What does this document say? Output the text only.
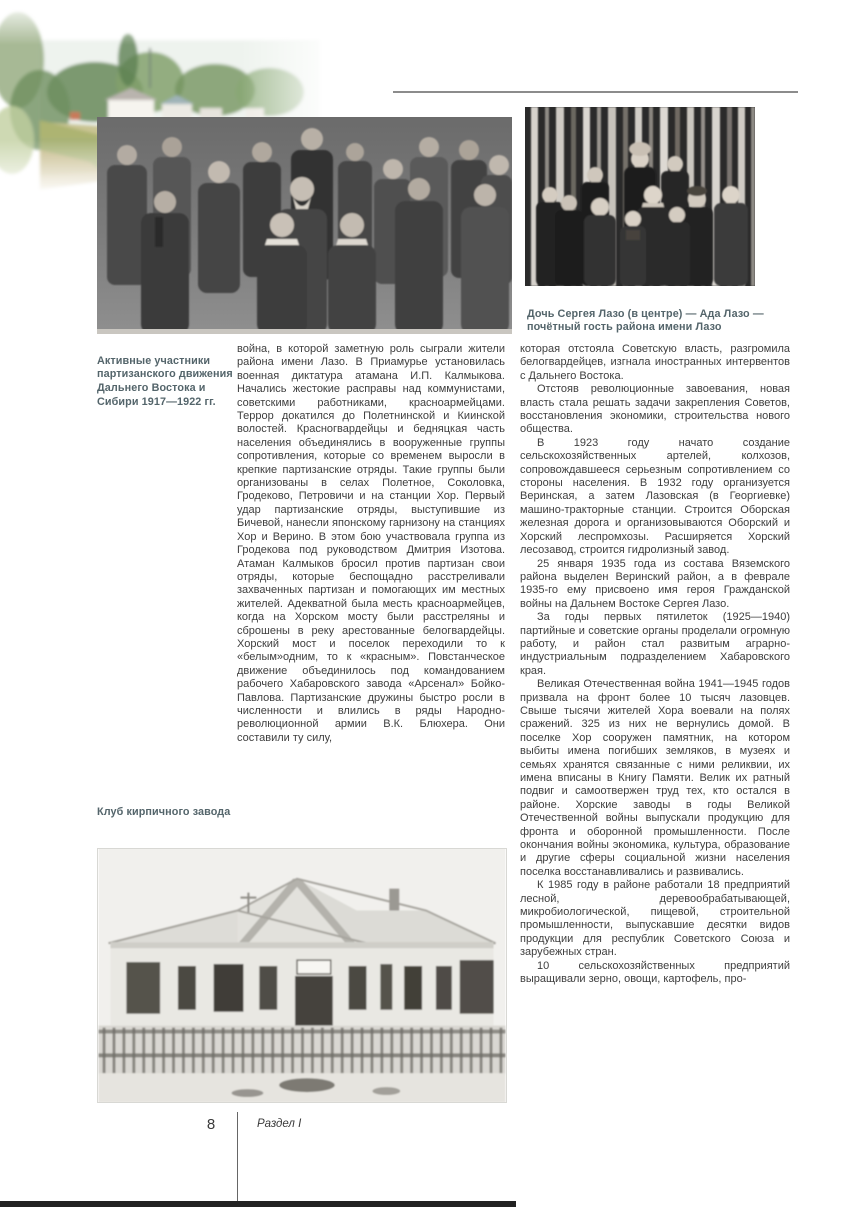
Дочь Сергея Лазо (в центре) — Ада Лазо — почётный гость района имени Лазо

Активные участники партизанского движения Дальнего Востока и Сибири 1917—1922 гг.

Клуб кирпичного завода

война, в которой заметную роль сыграли жители района имени Лазо. В Приамурье установилась военная диктатура атамана И.П. Калмыкова. Начались жестокие расправы над коммунистами, советскими работниками, красноармейцами. Террор докатился до Полетнинской и Киинской волостей. Красногвардейцы и бедняцкая часть населения объединялись в вооруженные группы сопротивления, которые со временем выросли в крепкие партизанские отряды. Такие группы были организованы в селах Полетное, Соколовка, Гродеково, Петровичи и на станции Хор. Первый удар партизанские отряды, выступившие из Бичевой, нанесли японскому гарнизону на станциях Хор и Верино. В этом бою участвовала группа из Гродекова под руководством Дмитрия Изотова. Атаман Калмыков бросил против партизан свои отряды, которые беспощадно расстреливали захваченных партизан и помогающих им местных жителей. Адекватной была месть красноармейцев, когда на Хорском мосту были расстреляны и сброшены в реку арестованные белогвардейцы. Хорский мост и поселок переходили то к «белым»одним, то к «красным». Повстанческое движение объединилось под командованием рабочего Хабаровского завода «Арсенал» Бойко-Павлова. Партизанские дружины быстро росли в численности и влились в ряды Народно-революционной армии В.К. Блюхера. Они составили ту силу,

которая отстояла Советскую власть, разгромила белогвардейцев, изгнала иностранных интервентов с Дальнего Востока.

Отстояв революционные завоевания, новая власть стала решать задачи закрепления Советов, восстановления экономики, строительства нового общества.

В 1923 году начато создание сельскохозяйственных артелей, колхозов, сопровождавшееся серьезным сопротивлением со стороны населения. В 1932 году организуется Веринская, а затем Лазовская (в Георгиевке) машино-тракторные станции. Строится Оборская железная дорога и организовываются Оборский и Хорский леспромхозы. Расширяется Хорский лесозавод, строится гидролизный завод.

25 января 1935 года из состава Вяземского района выделен Веринский район, а в феврале 1935-го ему присвоено имя героя Гражданской войны на Дальнем Востоке Сергея Лазо.

За годы первых пятилеток (1925—1940) партийные и советские органы проделали огромную работу, и район стал развитым аграрно-индустриальным подразделением Хабаровского края.

Великая Отечественная война 1941—1945 годов призвала на фронт более 10 тысяч лазовцев. Свыше тысячи жителей Хора воевали на полях сражений. 325 из них не вернулись домой. В поселке Хор сооружен памятник, на котором выбиты имена погибших земляков, в музеях и семьях хранятся связанные с ними реликвии, их имена вписаны в Книгу Памяти. Велик их ратный подвиг и самоотвержен труд тех, кто остался в районе. Хорские заводы в годы Великой Отечественной войны выпускали продукцию для фронта и оборонной промышленности. После окончания войны экономика, культура, образование и другие сферы социальной жизни населения поселка восстанавливались и развивались.

К 1985 году в районе работали 18 предприятий лесной, деревообрабатывающей, микробиологической, пищевой, строительной промышленности, выпускавшие десятки видов продукции для республик Советского Союза и зарубежных стран.

10 сельскохозяйственных предприятий выращивали зерно, овощи, картофель, про-

8	Раздел I
